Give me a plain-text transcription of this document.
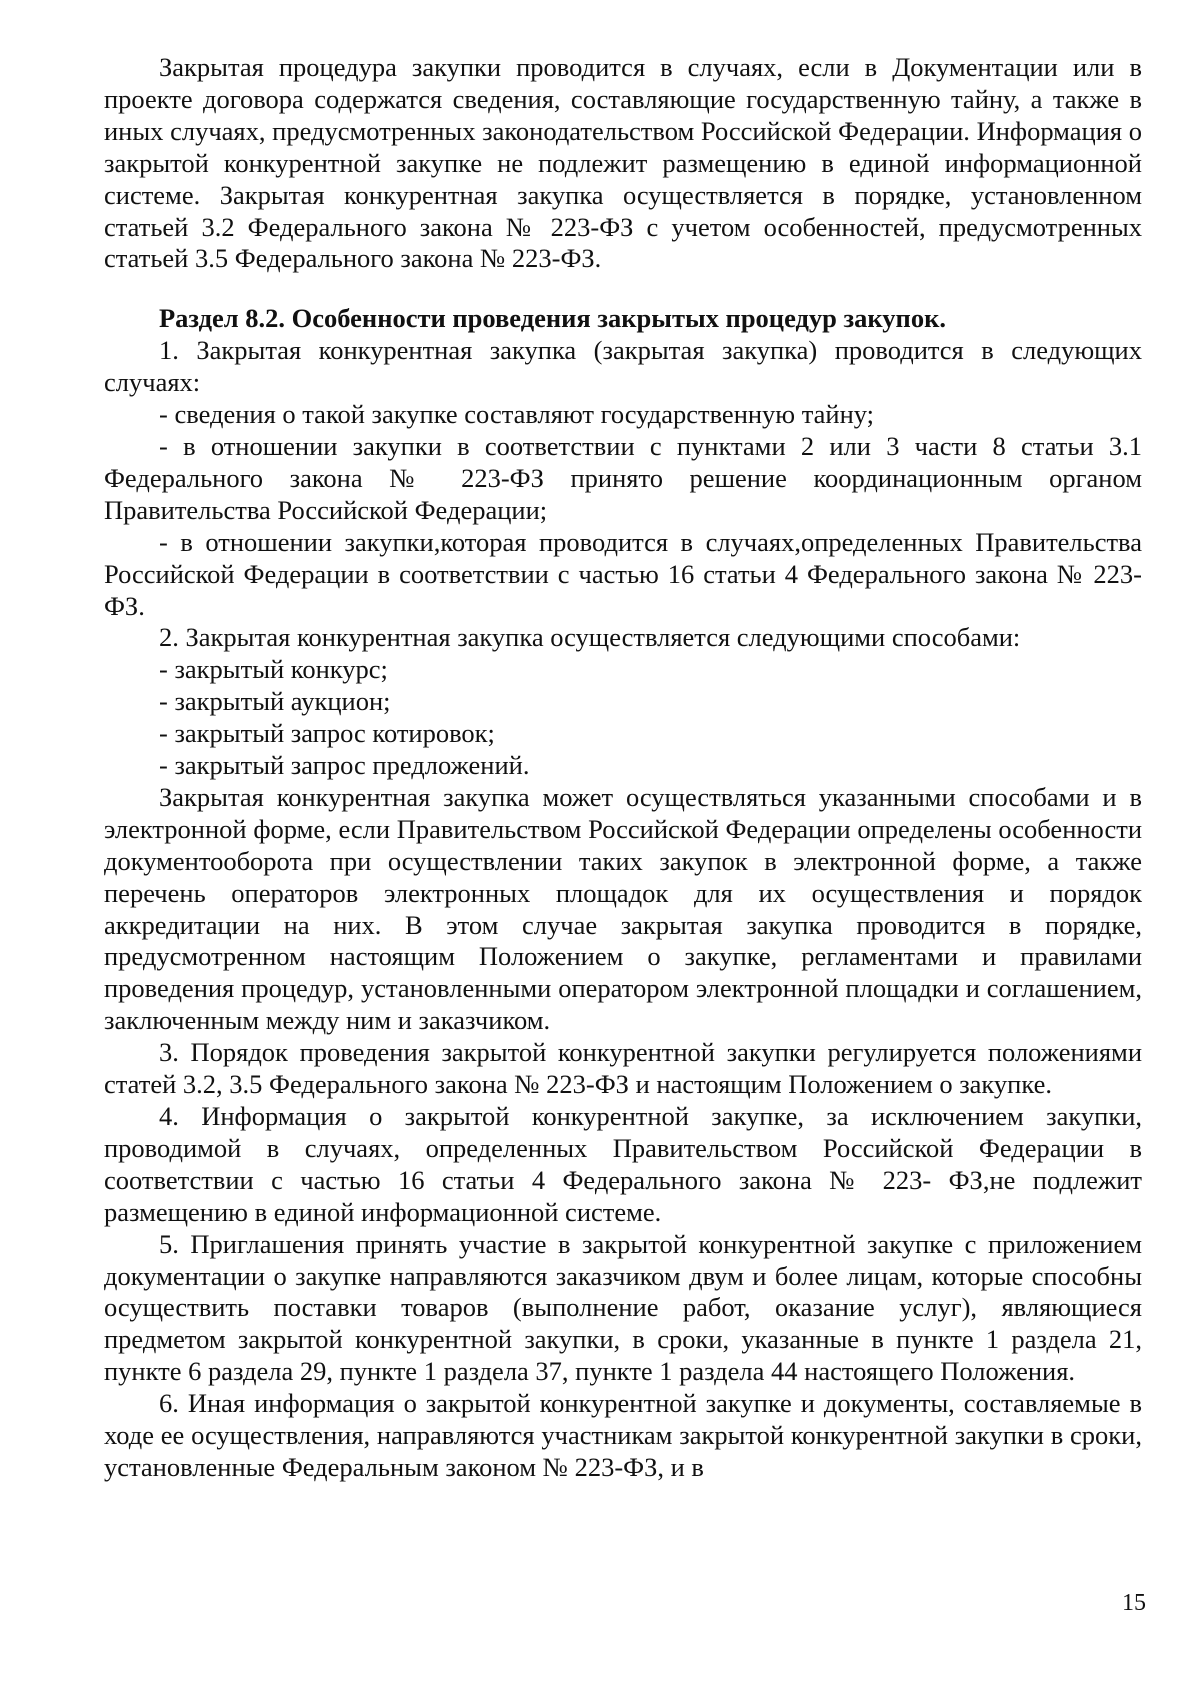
Закрытая процедура закупки проводится в случаях, если в Документации или в проекте договора содержатся сведения, составляющие государственную тайну, а также в иных случаях, предусмотренных законодательством Российской Федерации. Информация о закрытой конкурентной закупке не подлежит размещению в единой информационной системе. Закрытая конкурентная закупка осуществляется в порядке, установленном статьей 3.2 Федерального закона № 223-ФЗ с учетом особенностей, предусмотренных статьей 3.5 Федерального закона № 223-ФЗ.

Раздел 8.2. Особенности проведения закрытых процедур закупок.

1. Закрытая конкурентная закупка (закрытая закупка) проводится в следующих случаях:

- сведения о такой закупке составляют государственную тайну;

- в отношении закупки в соответствии с пунктами 2 или 3 части 8 статьи 3.1 Федерального закона № 223-ФЗ принято решение координационным органом Правительства Российской Федерации;

- в отношении закупки,которая проводится в случаях,определенных Правительства Российской Федерации в соответствии с частью 16 статьи 4 Федерального закона № 223-ФЗ.

2. Закрытая конкурентная закупка осуществляется следующими способами:

- закрытый конкурс;

- закрытый аукцион;

- закрытый запрос котировок;

- закрытый запрос предложений.

Закрытая конкурентная закупка может осуществляться указанными способами и в электронной форме, если Правительством Российской Федерации определены особенности документооборота при осуществлении таких закупок в электронной форме, а также перечень операторов электронных площадок для их осуществления и порядок аккредитации на них. В этом случае закрытая закупка проводится в порядке, предусмотренном настоящим Положением о закупке, регламентами и правилами проведения процедур, установленными оператором электронной площадки и соглашением, заключенным между ним и заказчиком.

3. Порядок проведения закрытой конкурентной закупки регулируется положениями статей 3.2, 3.5 Федерального закона № 223-ФЗ и настоящим Положением о закупке.

4. Информация о закрытой конкурентной закупке, за исключением закупки, проводимой в случаях, определенных Правительством Российской Федерации в соответствии с частью 16 статьи 4 Федерального закона № 223- ФЗ,не подлежит размещению в единой информационной системе.

5. Приглашения принять участие в закрытой конкурентной закупке с приложением документации о закупке направляются заказчиком двум и более лицам, которые способны осуществить поставки товаров (выполнение работ, оказание услуг), являющиеся предметом закрытой конкурентной закупки, в сроки, указанные в пункте 1 раздела 21, пункте 6 раздела 29, пункте 1 раздела 37, пункте 1 раздела 44 настоящего Положения.

6. Иная информация о закрытой конкурентной закупке и документы, составляемые в ходе ее осуществления, направляются участникам закрытой конкурентной закупки в сроки, установленные Федеральным законом № 223-ФЗ, и в

15
